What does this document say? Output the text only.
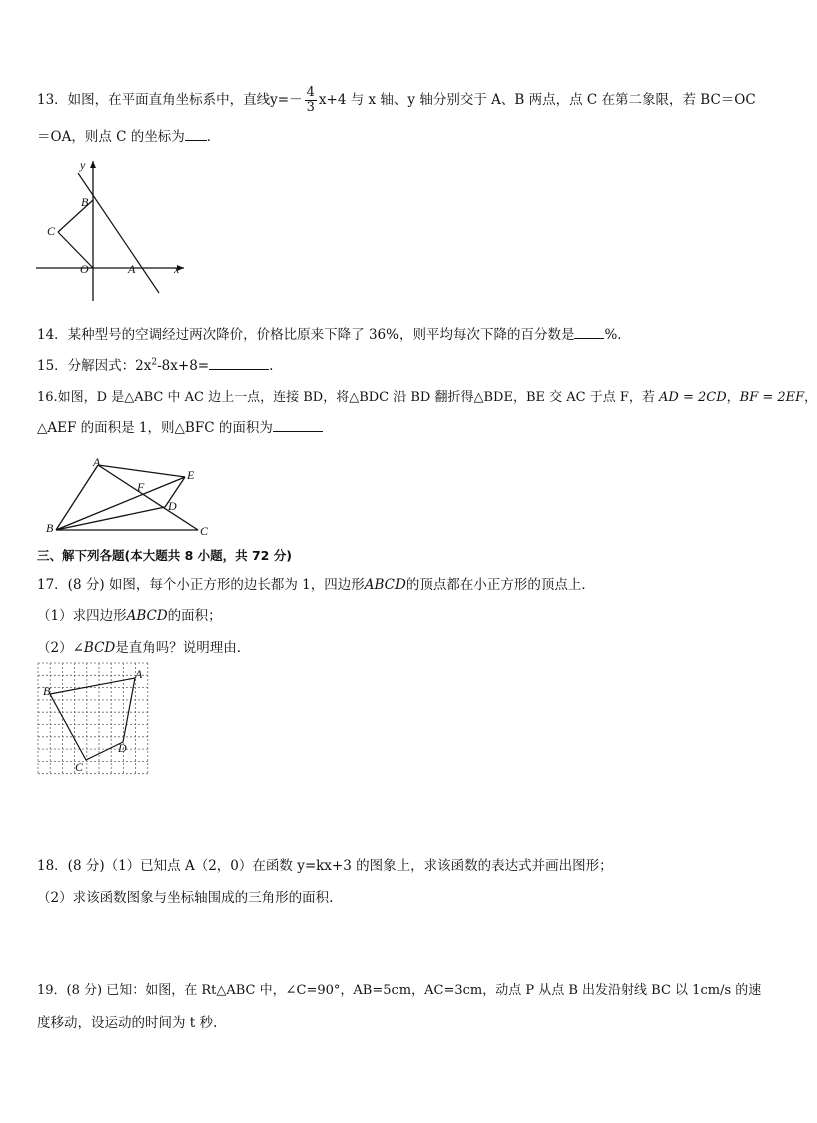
13．如图，在平面直角坐标系中，直线$y=- \frac{4}{3} x+4$ 与 x 轴、y 轴分别交于 A、B 两点，点 C 在第二象限，若 BC＝OC
＝OA，则点 C 的坐标为 ．
y
x
O	A
B
C
14．某种型号的空调经过两次降价，价格比原来下降了 36%，则平均每次下降的百分数是 %．
15．分解因式：$2x^2-8x+8=$	.
16.如图，D 是△ABC 中 AC 边上一点，连接 BD，将△BDC 沿 BD 翻折得△BDE，BE 交 AC 于点 F，若 AD = 2CD，BF = 2EF，
△AEF 的面积是 1，则△BFC 的面积为
A
B	C
D
E
F
三、解下列各题(本大题共 8 小题，共 72 分)
17．(8 分) 如图，每个小正方形的边长都为 1，四边形ABCD的顶点都在小正方形的顶点上．
（1）求四边形ABCD的面积；
（2）∠BCD是直角吗？说明理由．
B
A
D
C
18．(8 分)（1）已知点 A（2，0）在函数 y=kx+3 的图象上，求该函数的表达式并画出图形；
（2）求该函数图象与坐标轴围成的三角形的面积.
19．(8 分) 已知：如图，在 Rt△ABC 中，∠C=90°，AB=5cm，AC=3cm，动点 P 从点 B 出发沿射线 BC 以 1cm/s 的速
度移动，设运动的时间为 t 秒.
